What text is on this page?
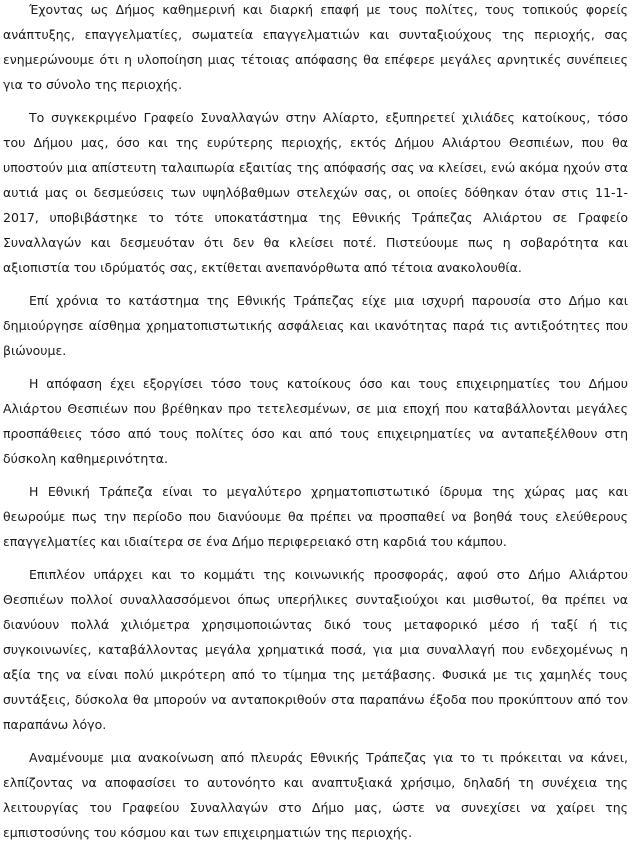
Έχοντας ως Δήμος καθημερινή και διαρκή επαφή με τους πολίτες, τους τοπικούς φορείς ανάπτυξης, επαγγελματίες, σωματεία επαγγελματιών και συνταξιούχους της περιοχής, σας ενημερώνουμε ότι η υλοποίηση μιας τέτοιας απόφασης θα επέφερε μεγάλες αρνητικές συνέπειες για το σύνολο της περιοχής.

Το συγκεκριμένο Γραφείο Συναλλαγών στην Αλίαρτο, εξυπηρετεί χιλιάδες κατοίκους, τόσο του Δήμου μας, όσο και της ευρύτερης περιοχής, εκτός Δήμου Αλιάρτου Θεσπιέων, που θα υποστούν μια απίστευτη ταλαιπωρία εξαιτίας της απόφασής σας να κλείσει, ενώ ακόμα ηχούν στα αυτιά μας οι δεσμεύσεις των υψηλόβαθμων στελεχών σας, οι οποίες δόθηκαν όταν στις 11-1-2017, υποβιβάστηκε το τότε υποκατάστημα της Εθνικής Τράπεζας Αλιάρτου σε Γραφείο Συναλλαγών και δεσμευόταν ότι δεν θα κλείσει ποτέ. Πιστεύουμε πως η σοβαρότητα και αξιοπιστία του ιδρύματός σας, εκτίθεται ανεπανόρθωτα από τέτοια ανακολουθία.

Επί χρόνια το κατάστημα της Εθνικής Τράπεζας είχε μια ισχυρή παρουσία στο Δήμο και δημιούργησε αίσθημα χρηματοπιστωτικής ασφάλειας και ικανότητας παρά τις αντιξοότητες που βιώνουμε.

Η απόφαση έχει εξοργίσει τόσο τους κατοίκους όσο και τους επιχειρηματίες του Δήμου Αλιάρτου Θεσπιέων που βρέθηκαν προ τετελεσμένων, σε μια εποχή που καταβάλλονται μεγάλες προσπάθειες τόσο από τους πολίτες όσο και από τους επιχειρηματίες να ανταπεξέλθουν στη δύσκολη καθημερινότητα.

Η Εθνική Τράπεζα είναι το μεγαλύτερο χρηματοπιστωτικό ίδρυμα της χώρας μας και θεωρούμε πως την περίοδο που διανύουμε θα πρέπει να προσπαθεί να βοηθά τους ελεύθερους επαγγελματίες και ιδιαίτερα σε ένα Δήμο περιφερειακό στη καρδιά του κάμπου.

Επιπλέον υπάρχει και το κομμάτι της κοινωνικής προσφοράς, αφού στο Δήμο Αλιάρτου Θεσπιέων πολλοί συναλλασσόμενοι όπως υπερήλικες συνταξιούχοι και μισθωτοί, θα πρέπει να διανύουν πολλά χιλιόμετρα χρησιμοποιώντας δικό τους μεταφορικό μέσο ή ταξί ή τις συγκοινωνίες, καταβάλλοντας μεγάλα χρηματικά ποσά, για μια συναλλαγή που ενδεχομένως η αξία της να είναι πολύ μικρότερη από το τίμημα της μετάβασης. Φυσικά με τις χαμηλές τους συντάξεις, δύσκολα θα μπορούν να ανταποκριθούν στα παραπάνω έξοδα που προκύπτουν από τον παραπάνω λόγο.

Αναμένουμε μια ανακοίνωση από πλευράς Εθνικής Τράπεζας για το τι πρόκειται να κάνει, ελπίζοντας να αποφασίσει το αυτονόητο και αναπτυξιακά χρήσιμο, δηλαδή τη συνέχεια της λειτουργίας του Γραφείου Συναλλαγών στο Δήμο μας, ώστε να συνεχίσει να χαίρει της εμπιστοσύνης του κόσμου και των επιχειρηματιών της περιοχής.
